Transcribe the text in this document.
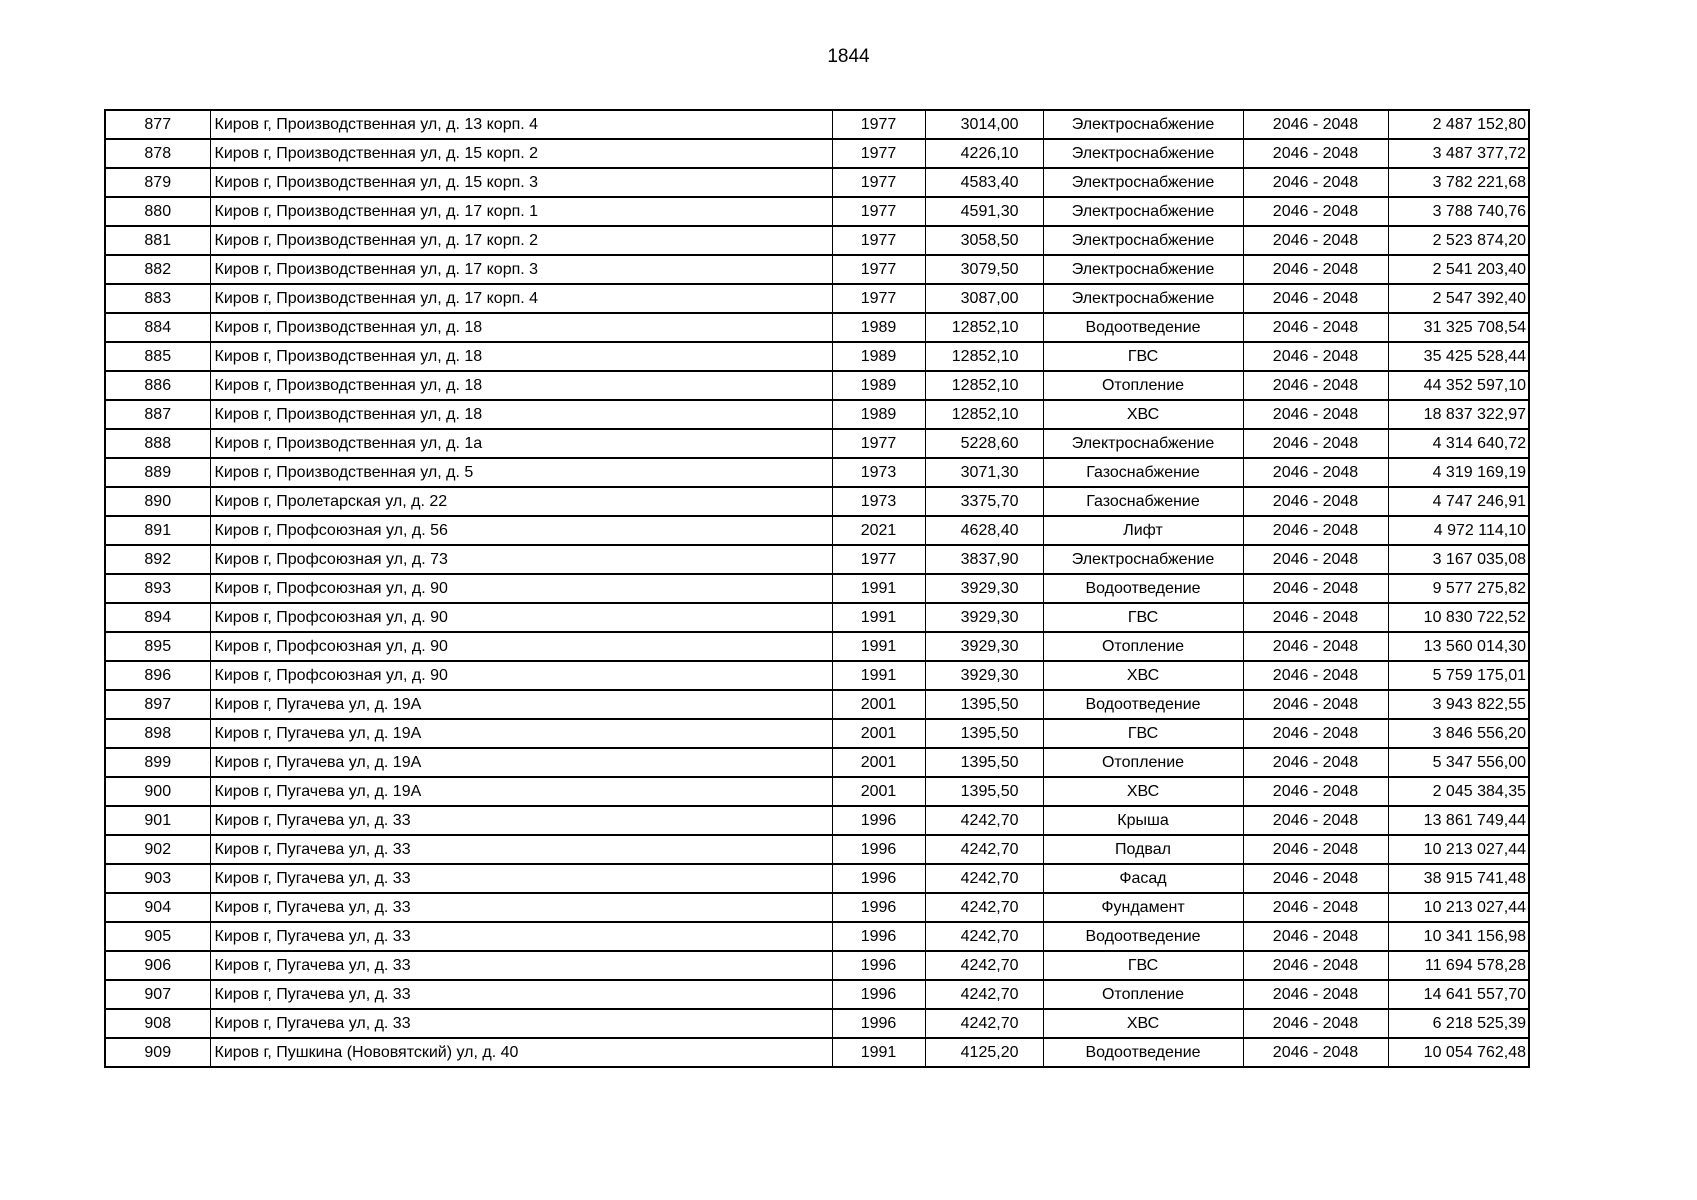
1844
877	Киров г, Производственная ул, д. 13 корп. 4	1977	3014,00	Электроснабжение	2046 - 2048	2 487 152,80
878	Киров г, Производственная ул, д. 15 корп. 2	1977	4226,10	Электроснабжение	2046 - 2048	3 487 377,72
879	Киров г, Производственная ул, д. 15 корп. 3	1977	4583,40	Электроснабжение	2046 - 2048	3 782 221,68
880	Киров г, Производственная ул, д. 17 корп. 1	1977	4591,30	Электроснабжение	2046 - 2048	3 788 740,76
881	Киров г, Производственная ул, д. 17 корп. 2	1977	3058,50	Электроснабжение	2046 - 2048	2 523 874,20
882	Киров г, Производственная ул, д. 17 корп. 3	1977	3079,50	Электроснабжение	2046 - 2048	2 541 203,40
883	Киров г, Производственная ул, д. 17 корп. 4	1977	3087,00	Электроснабжение	2046 - 2048	2 547 392,40
884	Киров г, Производственная ул, д. 18	1989	12852,10	Водоотведение	2046 - 2048	31 325 708,54
885	Киров г, Производственная ул, д. 18	1989	12852,10	ГВС	2046 - 2048	35 425 528,44
886	Киров г, Производственная ул, д. 18	1989	12852,10	Отопление	2046 - 2048	44 352 597,10
887	Киров г, Производственная ул, д. 18	1989	12852,10	ХВС	2046 - 2048	18 837 322,97
888	Киров г, Производственная ул, д. 1а	1977	5228,60	Электроснабжение	2046 - 2048	4 314 640,72
889	Киров г, Производственная ул, д. 5	1973	3071,30	Газоснабжение	2046 - 2048	4 319 169,19
890	Киров г, Пролетарская ул, д. 22	1973	3375,70	Газоснабжение	2046 - 2048	4 747 246,91
891	Киров г, Профсоюзная ул, д. 56	2021	4628,40	Лифт	2046 - 2048	4 972 114,10
892	Киров г, Профсоюзная ул, д. 73	1977	3837,90	Электроснабжение	2046 - 2048	3 167 035,08
893	Киров г, Профсоюзная ул, д. 90	1991	3929,30	Водоотведение	2046 - 2048	9 577 275,82
894	Киров г, Профсоюзная ул, д. 90	1991	3929,30	ГВС	2046 - 2048	10 830 722,52
895	Киров г, Профсоюзная ул, д. 90	1991	3929,30	Отопление	2046 - 2048	13 560 014,30
896	Киров г, Профсоюзная ул, д. 90	1991	3929,30	ХВС	2046 - 2048	5 759 175,01
897	Киров г, Пугачева ул, д. 19А	2001	1395,50	Водоотведение	2046 - 2048	3 943 822,55
898	Киров г, Пугачева ул, д. 19А	2001	1395,50	ГВС	2046 - 2048	3 846 556,20
899	Киров г, Пугачева ул, д. 19А	2001	1395,50	Отопление	2046 - 2048	5 347 556,00
900	Киров г, Пугачева ул, д. 19А	2001	1395,50	ХВС	2046 - 2048	2 045 384,35
901	Киров г, Пугачева ул, д. 33	1996	4242,70	Крыша	2046 - 2048	13 861 749,44
902	Киров г, Пугачева ул, д. 33	1996	4242,70	Подвал	2046 - 2048	10 213 027,44
903	Киров г, Пугачева ул, д. 33	1996	4242,70	Фасад	2046 - 2048	38 915 741,48
904	Киров г, Пугачева ул, д. 33	1996	4242,70	Фундамент	2046 - 2048	10 213 027,44
905	Киров г, Пугачева ул, д. 33	1996	4242,70	Водоотведение	2046 - 2048	10 341 156,98
906	Киров г, Пугачева ул, д. 33	1996	4242,70	ГВС	2046 - 2048	11 694 578,28
907	Киров г, Пугачева ул, д. 33	1996	4242,70	Отопление	2046 - 2048	14 641 557,70
908	Киров г, Пугачева ул, д. 33	1996	4242,70	ХВС	2046 - 2048	6 218 525,39
909	Киров г, Пушкина (Нововятский) ул, д. 40	1991	4125,20	Водоотведение	2046 - 2048	10 054 762,48
